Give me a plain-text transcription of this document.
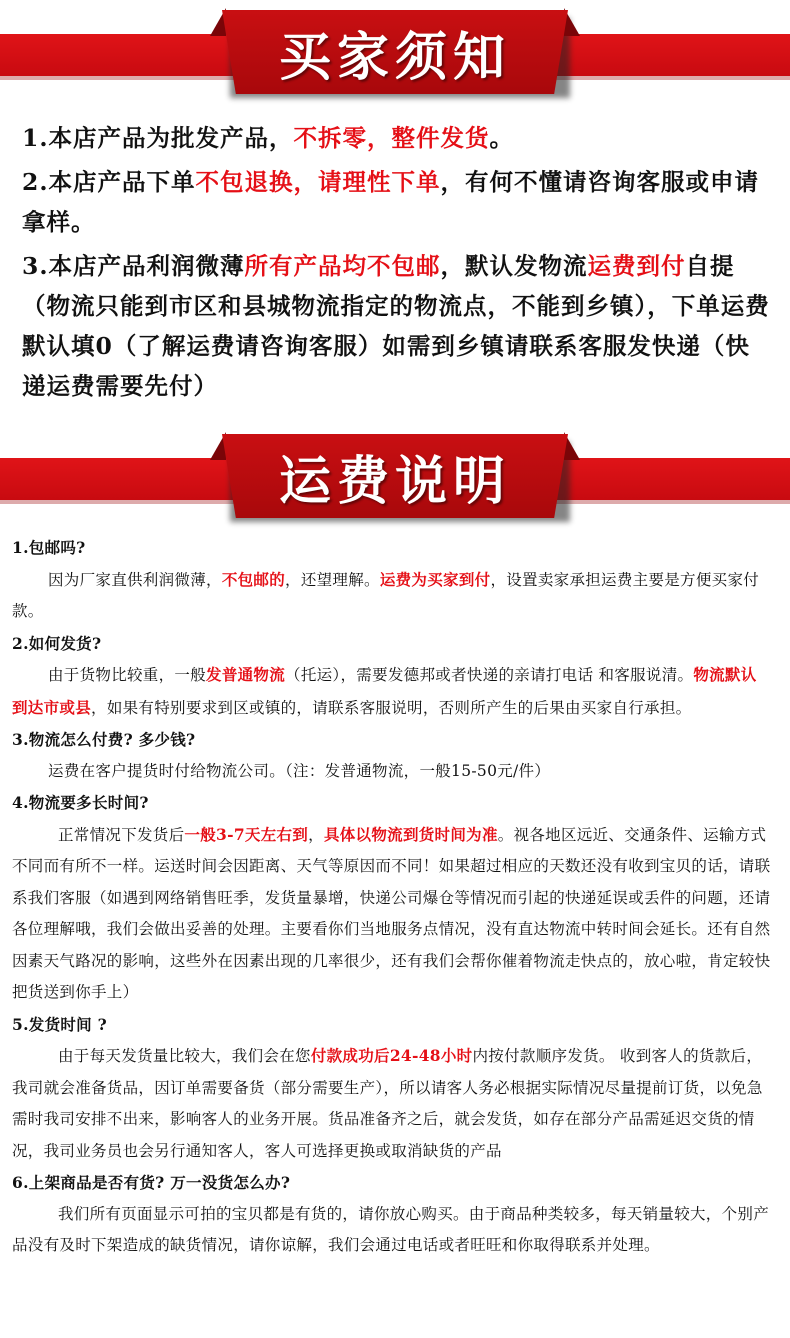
买家须知

1.本店产品为批发产品，不拆零，整件发货。

2.本店产品下单不包退换，请理性下单，有何不懂请咨询客服或申请拿样。

3.本店产品利润微薄所有产品均不包邮，默认发物流运费到付自提（物流只能到市区和县城物流指定的物流点，不能到乡镇），下单运费默认填0（了解运费请咨询客服）如需到乡镇请联系客服发快递（快递运费需要先付）

运费说明

1.包邮吗?

因为厂家直供利润微薄，不包邮的，还望理解。运费为买家到付，设置卖家承担运费主要是方便买家付款。

2.如何发货?

由于货物比较重，一般发普通物流（托运），需要发德邦或者快递的亲请打电话 和客服说清。物流默认到达市或县，如果有特别要求到区或镇的，请联系客服说明，否则所产生的后果由买家自行承担。

3.物流怎么付费? 多少钱?

运费在客户提货时付给物流公司。（注：发普通物流，一般15-50元/件）

4.物流要多长时间?

正常情况下发货后一般3-7天左右到，具体以物流到货时间为准。视各地区远近、交通条件、运输方式不同而有所不一样。运送时间会因距离、天气等原因而不同！如果超过相应的天数还没有收到宝贝的话，请联系我们客服（如遇到网络销售旺季，发货量暴增，快递公司爆仓等情况而引起的快递延误或丢件的问题，还请各位理解哦，我们会做出妥善的处理。主要看你们当地服务点情况，没有直达物流中转时间会延长。还有自然因素天气路况的影响，这些外在因素出现的几率很少，还有我们会帮你催着物流走快点的，放心啦，肯定较快把货送到你手上）

5.发货时间 ?

由于每天发货量比较大，我们会在您付款成功后24-48小时内按付款顺序发货。 收到客人的货款后，我司就会准备货品，因订单需要备货（部分需要生产），所以请客人务必根据实际情况尽量提前订货，以免急需时我司安排不出来，影响客人的业务开展。货品准备齐之后，就会发货，如存在部分产品需延迟交货的情况，我司业务员也会另行通知客人，客人可选择更换或取消缺货的产品

6.上架商品是否有货? 万一没货怎么办?

我们所有页面显示可拍的宝贝都是有货的，请你放心购买。由于商品种类较多，每天销量较大，个别产品没有及时下架造成的缺货情况，请你谅解，我们会通过电话或者旺旺和你取得联系并处理。
